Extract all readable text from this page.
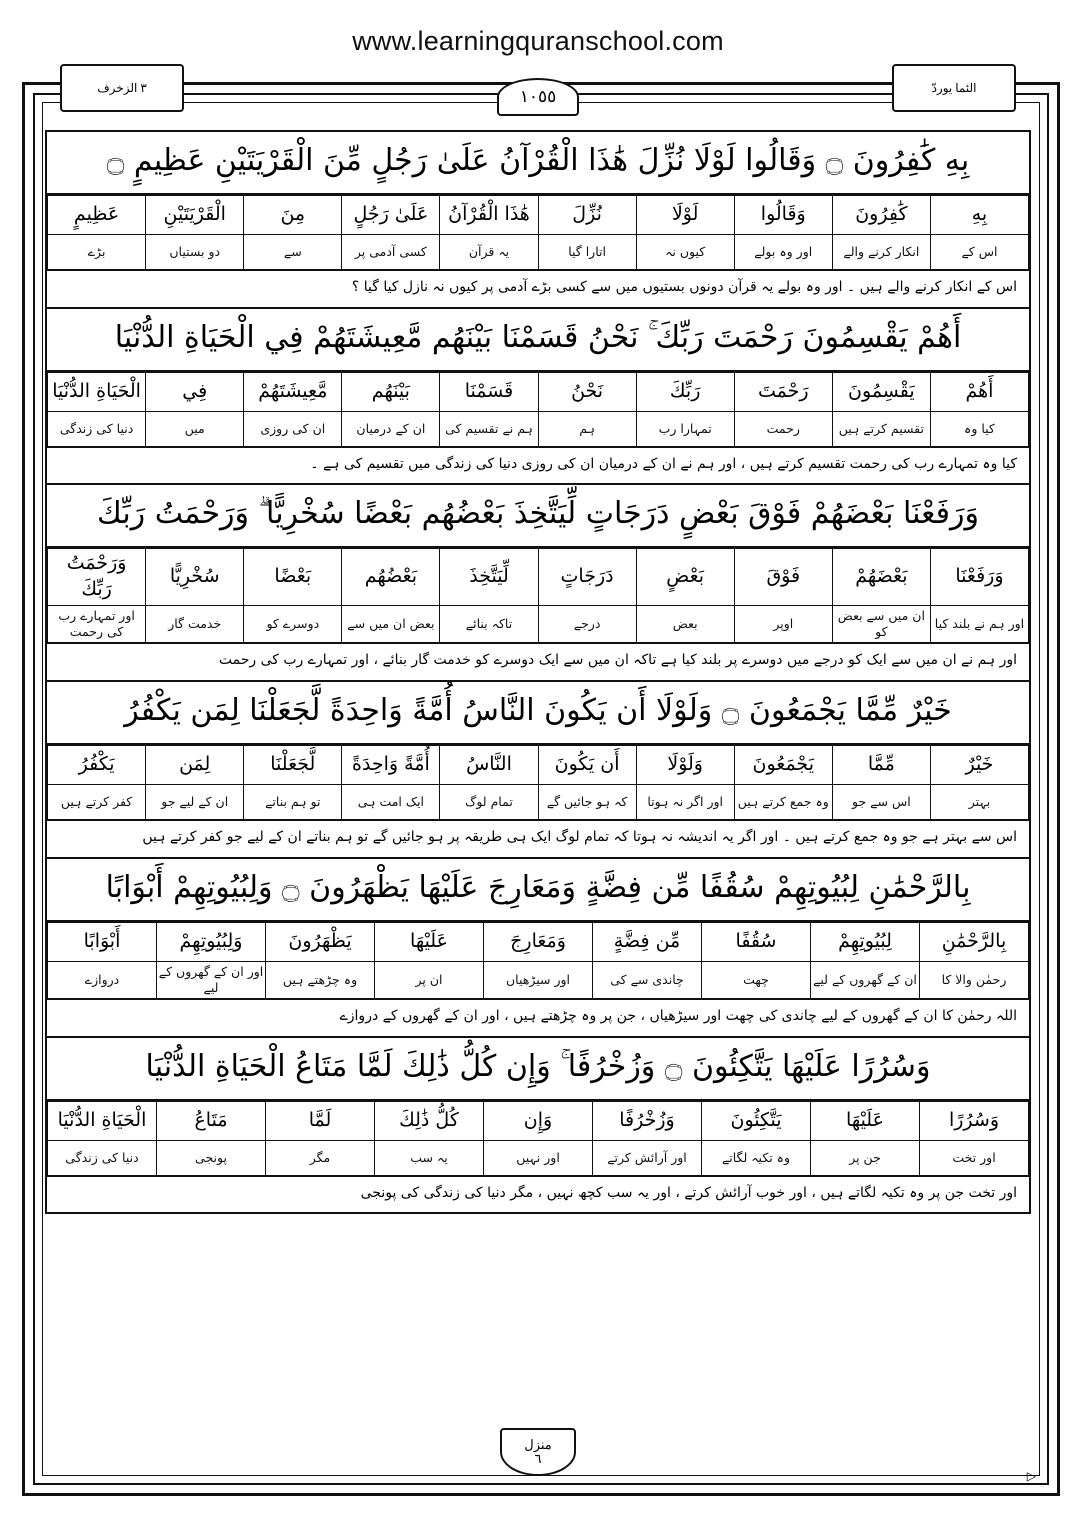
www.learningquranschool.com
٣ الزخرف	الئما يوردّ
١٠٥٥
منزل
٦
بِهِ كَٰفِرُونَ ۝ وَقَالُوا لَوْلَا نُزِّلَ هَٰذَا الْقُرْآنُ عَلَىٰ رَجُلٍ مِّنَ الْقَرْيَتَيْنِ عَظِيمٍ ۝
بِهِ	كَٰفِرُونَ	وَقَالُوا	لَوْلَا	نُزِّلَ	هَٰذَا الْقُرْآنُ	عَلَىٰ رَجُلٍ	مِنَ	الْقَرْيَتَيْنِ	عَظِيمٍ
اس کے	انکار کرنے والے	اور وہ بولے	کیوں نہ	اتارا گیا	یہ قرآن	کسی آدمی پر	سے	دو بستیاں	بڑے
اس کے انکار کرنے والے ہیں ۔ اور وہ بولے یہ قرآن دونوں بستیوں میں سے کسی بڑے آدمی پر کیوں نہ نازل کیا گیا ؟
أَهُمْ يَقْسِمُونَ رَحْمَتَ رَبِّكَ ۚ نَحْنُ قَسَمْنَا بَيْنَهُم مَّعِيشَتَهُمْ فِي الْحَيَاةِ الدُّنْيَا
أَهُمْ	يَقْسِمُونَ	رَحْمَتَ	رَبِّكَ	نَحْنُ	قَسَمْنَا	بَيْنَهُم	مَّعِيشَتَهُمْ	فِي	الْحَيَاةِ الدُّنْيَا
کیا وہ	تقسیم کرتے ہیں	رحمت	تمہارا رب	ہم	ہم نے تقسیم کی	ان کے درمیان	ان کی روزی	میں	دنیا کی زندگی
کیا وہ تمہارے رب کی رحمت تقسیم کرتے ہیں ، اور ہم نے ان کے درمیان ان کی روزی دنیا کی زندگی میں تقسیم کی ہے ۔
وَرَفَعْنَا بَعْضَهُمْ فَوْقَ بَعْضٍ دَرَجَاتٍ لِّيَتَّخِذَ بَعْضُهُم بَعْضًا سُخْرِيًّا ۗ وَرَحْمَتُ رَبِّكَ
وَرَفَعْنَا	بَعْضَهُمْ	فَوْقَ	بَعْضٍ	دَرَجَاتٍ	لِّيَتَّخِذَ	بَعْضُهُم	بَعْضًا	سُخْرِيًّا	وَرَحْمَتُ رَبِّكَ
اور ہم نے بلند کیا	ان میں سے بعض کو	اوپر	بعض	درجے	تاکہ بنائے	بعض ان میں سے	دوسرے کو	خدمت گار	اور تمہارے رب کی رحمت
اور ہم نے ان میں سے ایک کو درجے میں دوسرے پر بلند کیا ہے تاکہ ان میں سے ایک دوسرے کو خدمت گار بنائے ، اور تمہارے رب کی رحمت
خَيْرٌ مِّمَّا يَجْمَعُونَ ۝ وَلَوْلَا أَن يَكُونَ النَّاسُ أُمَّةً وَاحِدَةً لَّجَعَلْنَا لِمَن يَكْفُرُ
خَيْرٌ	مِّمَّا	يَجْمَعُونَ	وَلَوْلَا	أَن يَكُونَ	النَّاسُ	أُمَّةً وَاحِدَةً	لَّجَعَلْنَا	لِمَن	يَكْفُرُ
بہتر	اس سے جو	وہ جمع کرتے ہیں	اور اگر نہ ہوتا	کہ ہو جائیں گے	تمام لوگ	ایک امت ہی	تو ہم بناتے	ان کے لیے جو	کفر کرتے ہیں
اس سے بہتر ہے جو وہ جمع کرتے ہیں ۔ اور اگر یہ اندیشہ نہ ہوتا کہ تمام لوگ ایک ہی طریقہ پر ہو جائیں گے تو ہم بناتے ان کے لیے جو کفر کرتے ہیں
بِالرَّحْمَٰنِ لِبُيُوتِهِمْ سُقُفًا مِّن فِضَّةٍ وَمَعَارِجَ عَلَيْهَا يَظْهَرُونَ ۝ وَلِبُيُوتِهِمْ أَبْوَابًا
بِالرَّحْمَٰنِ	لِبُيُوتِهِمْ	سُقُفًا	مِّن فِضَّةٍ	وَمَعَارِجَ	عَلَيْهَا	يَظْهَرُونَ	وَلِبُيُوتِهِمْ	أَبْوَابًا
رحمٰن والا کا	ان کے گھروں کے لیے	چھت	چاندی سے کی	اور سیڑھیاں	ان پر	وہ چڑھتے ہیں	اور ان کے گھروں کے لیے	دروازے
اللہ رحمٰن کا ان کے گھروں کے لیے چاندی کی چھت اور سیڑھیاں ، جن پر وہ چڑھتے ہیں ، اور ان کے گھروں کے دروازے
وَسُرُرًا عَلَيْهَا يَتَّكِئُونَ ۝ وَزُخْرُفًا ۚ وَإِن كُلُّ ذَٰلِكَ لَمَّا مَتَاعُ الْحَيَاةِ الدُّنْيَا
وَسُرُرًا	عَلَيْهَا	يَتَّكِئُونَ	وَزُخْرُفًا	وَإِن	كُلُّ ذَٰلِكَ	لَمَّا	مَتَاعُ	الْحَيَاةِ الدُّنْيَا
اور تخت	جن پر	وہ تکیہ لگاتے	اور آرائش کرتے	اور نہیں	یہ سب	مگر	پونجی	دنیا کی زندگی
اور تخت جن پر وہ تکیہ لگاتے ہیں ، اور خوب آرائش کرتے ، اور یہ سب کچھ نہیں ، مگر دنیا کی زندگی کی پونجی
▷
